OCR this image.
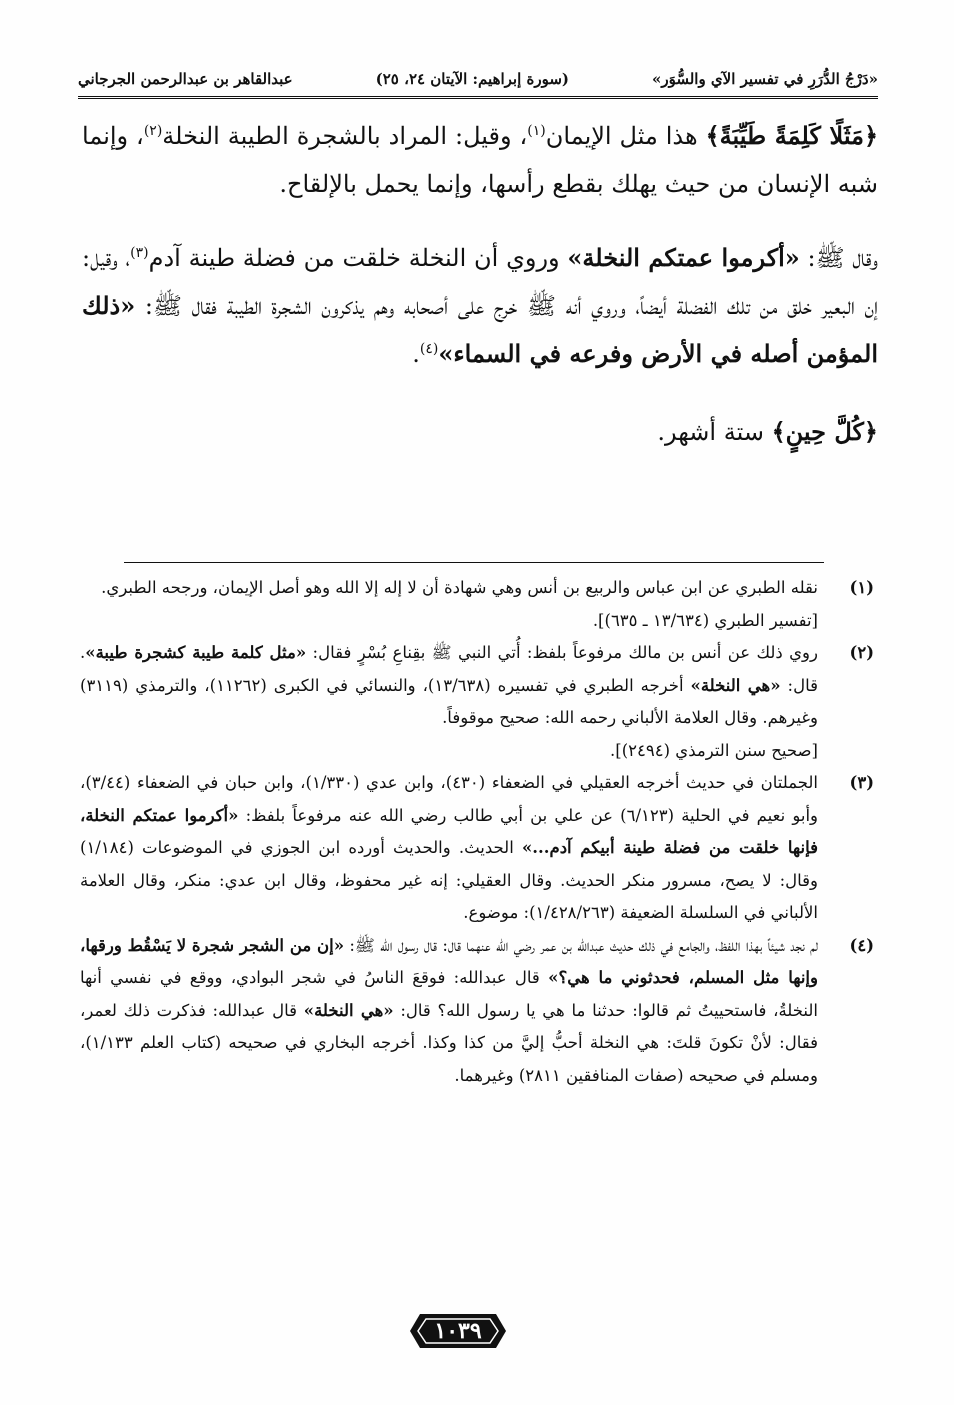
«دَرْجُ الدُّرَرِ في تفسير الآي والسُّوَر»
(سورة إبراهيم: الآيتان ٢٤، ٢٥)
عبدالقاهر بن عبدالرحمن الجرجاني

﴿مَثَلًا كَلِمَةً طَيِّبَةً﴾ هذا مثل الإيمان$^{(١)}$، وقيل: المراد بالشجرة الطيبة النخلة$^{(٢)}$، وإنما شبه الإنسان من حيث يهلك بقطع رأسها، وإنما يحمل بالإلقاح.

وقال ﷺ: «أكرموا عمتكم النخلة» وروي أن النخلة خلقت من فضلة طينة آدم$^{(٣)}$، وقيل: إن البعير خلق من تلك الفضلة أيضاً، وروي أنه ﷺ خرج على أصحابه وهم يذكرون الشجرة الطيبة فقال ﷺ: «ذلك المؤمن أصله في الأرض وفرعه في السماء»$^{(٤)}$.

﴿كُلَّ حِينٍ﴾ ستة أشهر.

(١)
نقله الطبري عن ابن عباس والربيع بن أنس وهي شهادة أن لا إله إلا الله وهو أصل الإيمان، ورجحه الطبري.
[تفسير الطبري (١٣/٦٣٤ ـ ٦٣٥)].
(٢)
روي ذلك عن أنس بن مالك مرفوعاً بلفظ: أُتي النبي ﷺ بقِناعِ بُسْرٍ فقال: «مثل كلمة طيبة كشجرة طيبة». قال: «هي النخلة» أخرجه الطبري في تفسيره (١٣/٦٣٨)، والنسائي في الكبرى (١١٢٦٢)، والترمذي (٣١١٩) وغيرهم. وقال العلامة الألباني رحمه الله: صحيح موقوفاً.
[صحيح سنن الترمذي (٢٤٩٤)].
(٣)
الجملتان في حديث أخرجه العقيلي في الضعفاء (٤٣٠)، وابن عدي (١/٣٣٠)، وابن حبان في الضعفاء (٣/٤٤)، وأبو نعيم في الحلية (٦/١٢٣) عن علي بن أبي طالب رضي الله عنه مرفوعاً بلفظ: «أكرموا عمتكم النخلة، فإنها خلقت من فضلة طينة أبيكم آدم...» الحديث. والحديث أورده ابن الجوزي في الموضوعات (١/١٨٤) وقال: لا يصح، مسرور منكر الحديث. وقال العقيلي: إنه غير محفوظ، وقال ابن عدي: منكر، وقال العلامة الألباني في السلسلة الضعيفة (١/٤٢٨/٢٦٣): موضوع.
(٤)
لم نجد شيئاً بهذا اللفظ، والجامع في ذلك حديث عبدالله بن عمر رضي الله عنهما قال: قال رسول الله ﷺ: «إن من الشجر شجرة لا يَسْقُط ورقها، وإنها مثل المسلم، فحدثوني ما هي؟» قال عبدالله: فوقعَ الناسُ في شجر البوادي، ووقع في نفسي أنها النخلةُ، فاستحييتُ ثم قالوا: حدثنا ما هي يا رسول الله؟ قال: «هي النخلة» قال عبدالله: فذكرت ذلك لعمر، فقال: لأنْ تكونَ قلتَ: هي النخلة أحبُّ إليَّ من كذا وكذا. أخرجه البخاري في صحيحه (كتاب العلم ١/١٣٣)، ومسلم في صحيحه (صفات المنافقين ٢٨١١) وغيرهما.
١٠٣٩
